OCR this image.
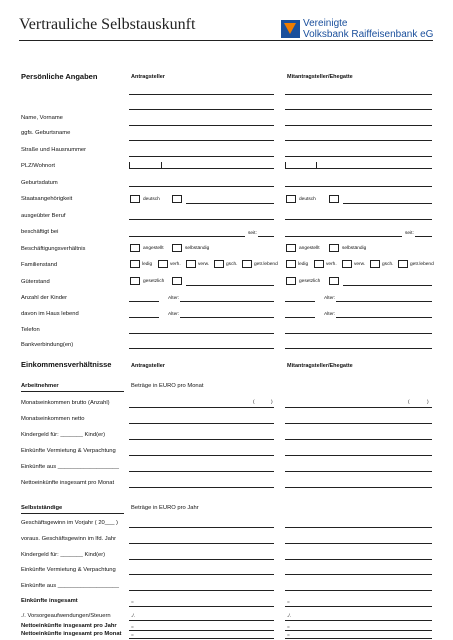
Vertrauliche Selbstauskunft	Vereinigte
Volksbank Raiffeisenbank eG
Persönliche Angaben	Antragsteller	Mitantragsteller/Ehegatte
Name, Vorname
ggfs. Geburtsname
Straße und Hausnummer
PLZ/Wohnort
Geburtsdatum
Staatsangehörigkeit	deutsch	deutsch
ausgeübter Beruf
beschäftigt bei	seit:	seit:
Beschäftigungsverhältnis	angestellt	selbständig	angestellt	selbständig
Familienstand	ledig	verh.	verw.	gsch.	getr.lebend	ledig	verh.	verw.	gsch.	getr.lebend
Güterstand	gesetzlich	gesetzlich
Anzahl der Kinder	Alter:	Alter:
davon im Haus lebend	Alter:	Alter:
Telefon
Bankverbindung(en)
Einkommensverhältnisse	Antragsteller	Mitantragsteller/Ehegatte
Arbeitnehmer	Beträge in EURO pro Monat
Monatseinkommen brutto (Anzahl)	(	)	(	)
Monatseinkommen netto
Kindergeld für: _______ Kind(er)
Einkünfte Vermietung & Verpachtung
Einkünfte aus ___________________
Nettoeinkünfte insgesamt pro Monat
Selbstständige	Beträge in EURO pro Jahr
Geschäftsgewinn im Vorjahr ( 20___ )
voraus. Geschäftsgewinn im lfd. Jahr
Kindergeld für: _______ Kind(er)
Einkünfte Vermietung & Verpachtung
Einkünfte aus ___________________
Einkünfte insgesamt	=	=
./. Vorsorgeaufwendungen/Steuern	./.	./.
Nettoeinkünfte insgesamt pro Jahr	=	=
Nettoeinkünfte insgesamt pro Monat =	=
